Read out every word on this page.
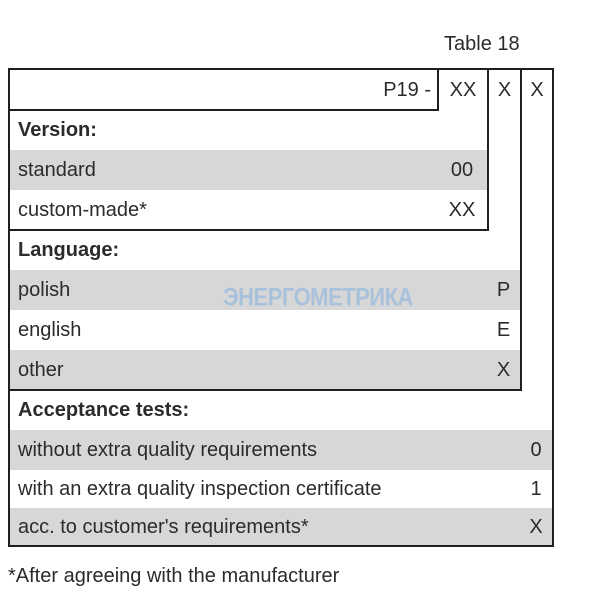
Table 18
P19 - XX	X X
Version:
standard	00
custom-made*	XX
Language:
polish	P
english	E
other	X
Acceptance tests:
without extra quality requirements	0
with an extra quality inspection certificate	1
acc. to customer's requirements*	X
ЭНЕРГОМЕТРИКА
*After agreeing with the manufacturer
